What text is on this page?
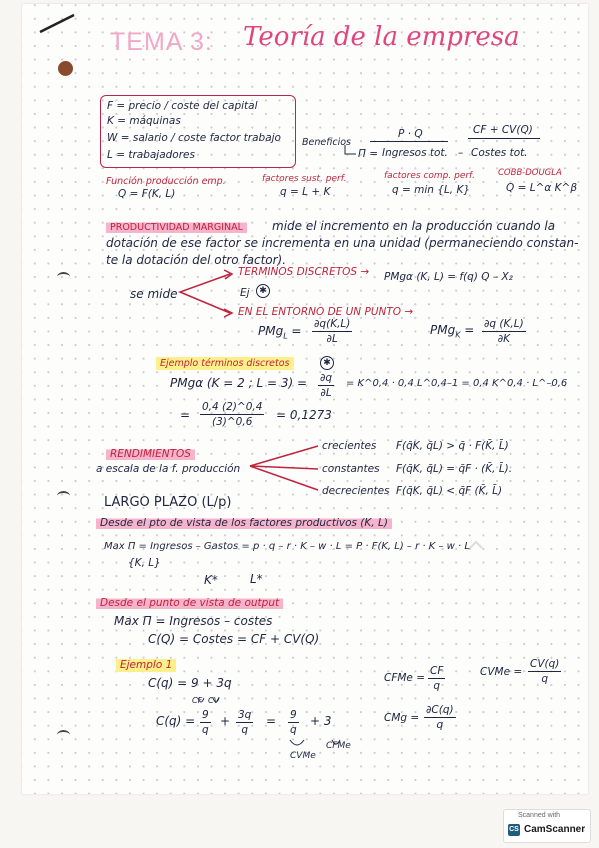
TEMA 3: Teoría de la empresa
F = precio / coste del capital
K = máquinas
W = salario / coste factor trabajo
L = trabajadores
Beneficios
P · Q	CF + CV(Q)
Π = Ingresos tot. – Costes tot.
Función producción emp.
Q = F(K, L)
factores sust. perf.
q = L + K
factores comp. perf.
q = min {L, K}
COBB-DOUGLA
Q = L^α K^β
PRODUCTIVIDAD MARGINAL	mide el incremento en la producción cuando la
dotación de ese factor se incrementa en una unidad (permaneciendo constan-
te la dotación del otro factor).
se mide
TERMINOS DISCRETOS → PMgα (K, L) = f(q) Q – X₂
Ej	✱
EN EL ENTORNO DE UN PUNTO →
$PMg_L = \frac{\partial q(K,L)}{\partial L}$	$PMg_K = \frac{\partial q (K,L)}{\partial K}$
Ejemplo términos discretos	✱
PMgα (K = 2 ; $L = 3) = \frac{\partial q}{\partial L}$ = K^0,4 · 0,4 L^0,4–1 = 0,4 K^0,4 · L^–0,6
= $\frac{0,4 (2)\^{}0,4}{(3)\^{}0,6} = 0,1273$
RENDIMIENTOS
a escala de la f. producción
crecientes F(q̄K, q̄L) > q̄ · F(K̄, L̄)
constantes F(q̄K, q̄L) = q̄F · (K̄, L̄).
decrecientes F(q̄K, q̄L) < q̄F (K̄, L̄)
LARGO PLAZO (L/p)
Desde el pto de vista de los factores productivos (K, L)
Max Π = Ingresos – Gastos = p · q – r · K – w · L = P · F(K, L) – r · K – w · L
{K, L}
K*	L*
Desde el punto de vista de output
Max Π = Ingresos – costes
C(Q) = Costes = CF + CV(Q)
Ejemplo 1
C(q) = 9 + 3q
CF CV
$C(q) = \frac{9}{q} + \frac{3q}{q} = \frac{9}{q} + 3$
CVMe
CFMe
CFMe = $\frac{CF}{q}$	CVMe = $\frac{CV(q)}{q}$
CMg = $\frac{\partial C(q)}{q}$
Scanned with
CS CamScanner
